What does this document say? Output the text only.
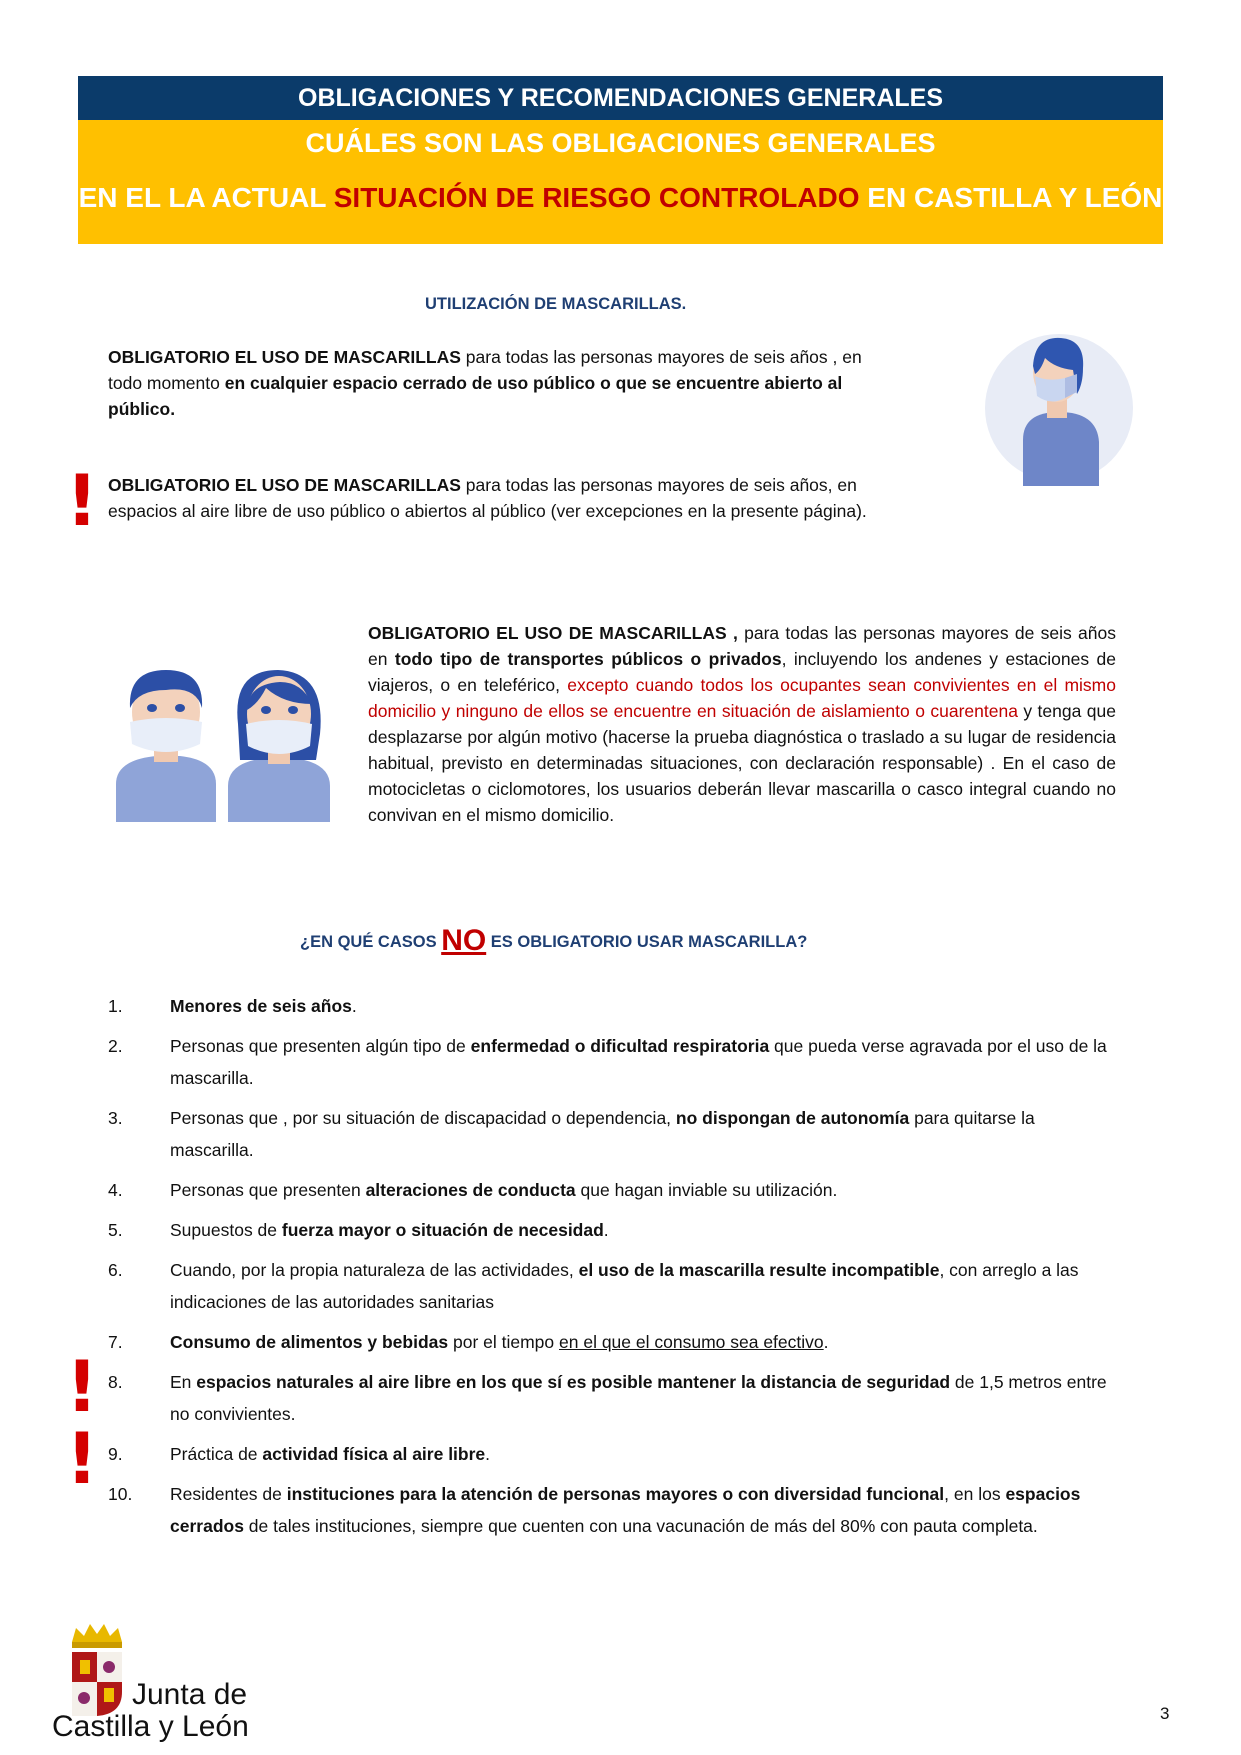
OBLIGACIONES Y RECOMENDACIONES GENERALES
CUÁLES SON LAS OBLIGACIONES GENERALES
EN EL LA ACTUAL SITUACIÓN DE RIESGO CONTROLADO EN CASTILLA Y LEÓN
UTILIZACIÓN DE MASCARILLAS.
OBLIGATORIO EL USO DE MASCARILLAS para todas las personas mayores de seis años , en todo momento en cualquier espacio cerrado de uso público o que se encuentre abierto al público.
! OBLIGATORIO EL USO DE MASCARILLAS para todas las personas mayores de seis años, en espacios al aire libre de uso público o abiertos al público (ver excepciones en la presente página).
OBLIGATORIO EL USO DE MASCARILLAS , para todas las personas mayores de seis años en todo tipo de transportes públicos o privados, incluyendo los andenes y estaciones de viajeros, o en teleférico, excepto cuando todos los ocupantes sean convivientes en el mismo domicilio y ninguno de ellos se encuentre en situación de aislamiento o cuarentena y tenga que desplazarse por algún motivo (hacerse la prueba diagnóstica o traslado a su lugar de residencia habitual, previsto en determinadas situaciones, con declaración responsable) . En el caso de motocicletas o ciclomotores, los usuarios deberán llevar mascarilla o casco integral cuando no convivan en el mismo domicilio.
¿EN QUÉ CASOS NO ES OBLIGATORIO USAR MASCARILLA?
1.	Menores de seis años.
2.	Personas que presenten algún tipo de enfermedad o dificultad respiratoria que pueda verse agravada por el uso de la mascarilla.
3.	Personas que , por su situación de discapacidad o dependencia, no dispongan de autonomía para quitarse la mascarilla.
4.	Personas que presenten alteraciones de conducta que hagan inviable su utilización.
5.	Supuestos de fuerza mayor o situación de necesidad.
6.	Cuando, por la propia naturaleza de las actividades, el uso de la mascarilla resulte incompatible, con arreglo a las indicaciones de las autoridades sanitarias
7.	Consumo de alimentos y bebidas por el tiempo en el que el consumo sea efectivo.
8.	En espacios naturales al aire libre en los que sí es posible mantener la distancia de seguridad de 1,5 metros entre no convivientes.
9.	Práctica de actividad física al aire libre.
10.	Residentes de instituciones para la atención de personas mayores o con diversidad funcional, en los espacios cerrados de tales instituciones, siempre que cuenten con una vacunación de más del 80% con pauta completa.
!
!
Junta de
Castilla y León	3
